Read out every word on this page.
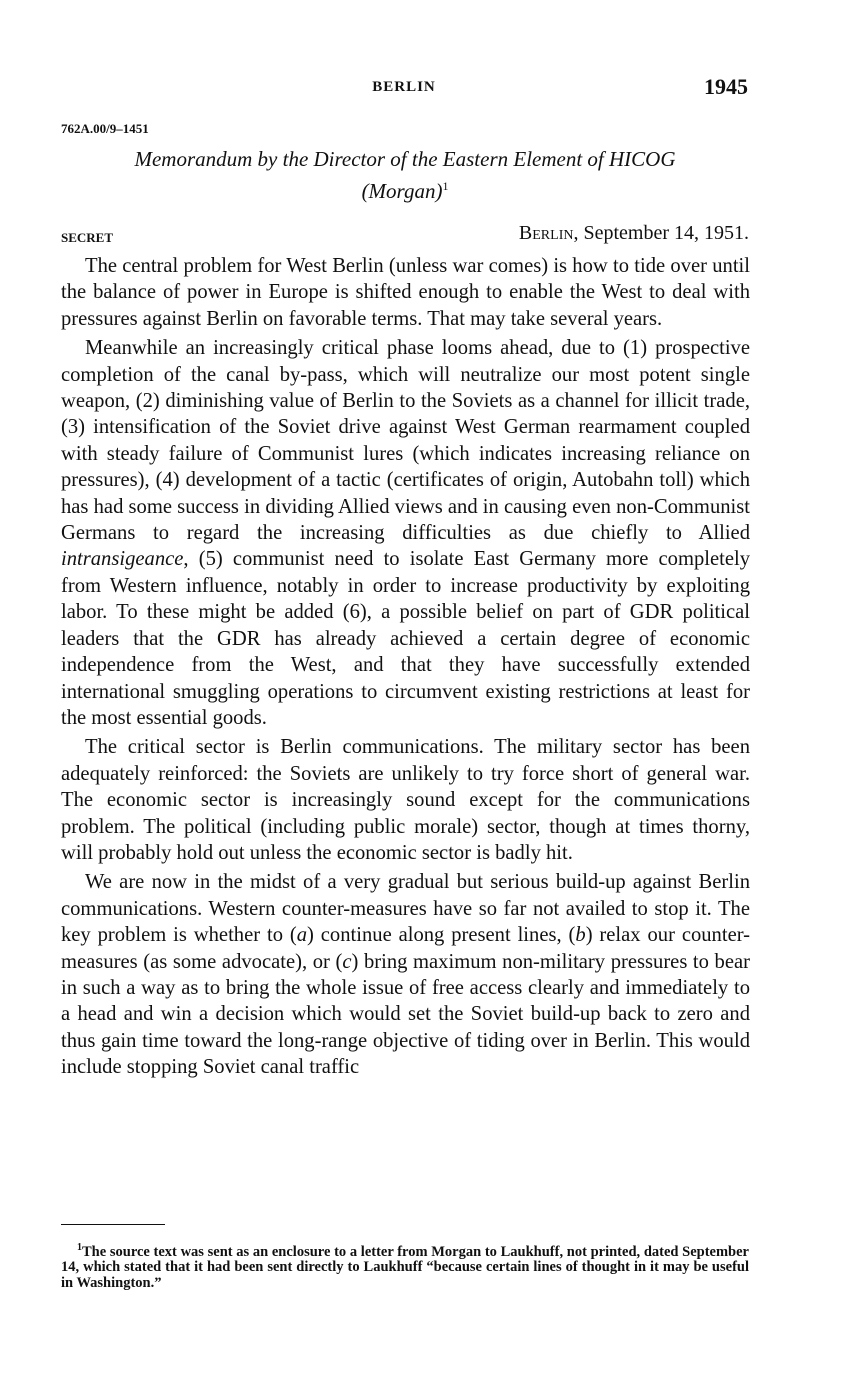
BERLIN	1945
762A.00/9–1451
Memorandum by the Director of the Eastern Element of HICOG
(Morgan)$^1$
SECRET	Berlin, September 14, 1951.

The central problem for West Berlin (unless war comes) is how to tide over until the balance of power in Europe is shifted enough to enable the West to deal with pressures against Berlin on favorable terms. That may take several years.

Meanwhile an increasingly critical phase looms ahead, due to (1) prospective completion of the canal by-pass, which will neutralize our most potent single weapon, (2) diminishing value of Berlin to the Soviets as a channel for illicit trade, (3) intensification of the Soviet drive against West German rearmament coupled with steady failure of Communist lures (which indicates increasing reliance on pressures), (4) development of a tactic (certificates of origin, Autobahn toll) which has had some success in dividing Allied views and in causing even non-Communist Germans to regard the increasing difficulties as due chiefly to Allied intransigeance, (5) communist need to isolate East Germany more completely from Western influence, notably in order to increase productivity by exploiting labor. To these might be added (6), a possible belief on part of GDR political leaders that the GDR has already achieved a certain degree of economic independence from the West, and that they have successfully extended international smuggling operations to circumvent existing restrictions at least for the most essential goods.

The critical sector is Berlin communications. The military sector has been adequately reinforced: the Soviets are unlikely to try force short of general war. The economic sector is increasingly sound except for the communications problem. The political (including public morale) sector, though at times thorny, will probably hold out unless the economic sector is badly hit.

We are now in the midst of a very gradual but serious build-up against Berlin communications. Western counter-measures have so far not availed to stop it. The key problem is whether to (a) continue along present lines, (b) relax our counter-measures (as some advocate), or (c) bring maximum non-military pressures to bear in such a way as to bring the whole issue of free access clearly and immediately to a head and win a decision which would set the Soviet build-up back to zero and thus gain time toward the long-range objective of tiding over in Berlin. This would include stopping Soviet canal traffic

$^1$The source text was sent as an enclosure to a letter from Morgan to Laukhuff, not printed, dated September 14, which stated that it had been sent directly to Laukhuff “because certain lines of thought in it may be useful in Washington.”
